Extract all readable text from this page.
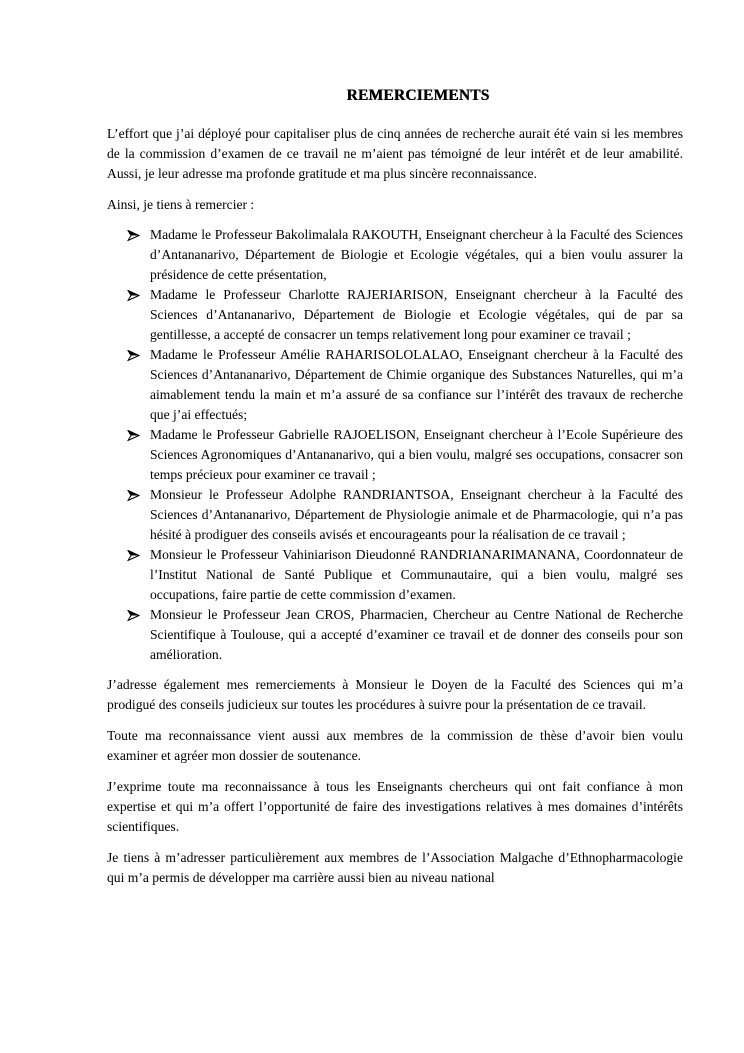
REMERCIEMENTS

L’effort que j’ai déployé pour capitaliser plus de cinq années de recherche aurait été vain si les membres de la commission d’examen de ce travail ne m’aient pas témoigné de leur intérêt et de leur amabilité. Aussi, je leur adresse ma profonde gratitude et ma plus sincère reconnaissance.

Ainsi, je tiens à remercier :

Madame le Professeur Bakolimalala RAKOUTH, Enseignant chercheur à la Faculté des Sciences d’Antananarivo, Département de Biologie et Ecologie végétales, qui a bien voulu assurer la présidence de cette présentation,
Madame le Professeur Charlotte RAJERIARISON, Enseignant chercheur à la Faculté des Sciences d’Antananarivo, Département de Biologie et Ecologie végétales, qui de par sa gentillesse, a accepté de consacrer un temps relativement long pour examiner ce travail ;
Madame le Professeur Amélie RAHARISOLOLALAO, Enseignant chercheur à la Faculté des Sciences d’Antananarivo, Département de Chimie organique des Substances Naturelles, qui m’a aimablement tendu la main et m’a assuré de sa confiance sur l’intérêt des travaux de recherche que j’ai effectués;
Madame le Professeur Gabrielle RAJOELISON, Enseignant chercheur à l’Ecole Supérieure des Sciences Agronomiques d’Antananarivo, qui a bien voulu, malgré ses occupations, consacrer son temps précieux pour examiner ce travail ;
Monsieur le Professeur Adolphe RANDRIANTSOA, Enseignant chercheur à la Faculté des Sciences d’Antananarivo, Département de Physiologie animale et de Pharmacologie, qui n’a pas hésité à prodiguer des conseils avisés et encourageants pour la réalisation de ce travail ;
Monsieur le Professeur Vahiniarison Dieudonné RANDRIANARIMANANA, Coordonnateur de l’Institut National de Santé Publique et Communautaire, qui a bien voulu, malgré ses occupations, faire partie de cette commission d’examen.
Monsieur le Professeur Jean CROS, Pharmacien, Chercheur au Centre National de Recherche Scientifique à Toulouse, qui a accepté d’examiner ce travail et de donner des conseils pour son amélioration.

J’adresse également mes remerciements à Monsieur le Doyen de la Faculté des Sciences qui m’a prodigué des conseils judicieux sur toutes les procédures à suivre pour la présentation de ce travail.

Toute ma reconnaissance vient aussi aux membres de la commission de thèse d’avoir bien voulu examiner et agréer mon dossier de soutenance.

J’exprime toute ma reconnaissance à tous les Enseignants chercheurs qui ont fait confiance à mon expertise et qui m’a offert l’opportunité de faire des investigations relatives à mes domaines d’intérêts scientifiques.

Je tiens à m’adresser particulièrement aux membres de l’Association Malgache d’Ethnopharmacologie qui m’a permis de développer ma carrière aussi bien au niveau national
